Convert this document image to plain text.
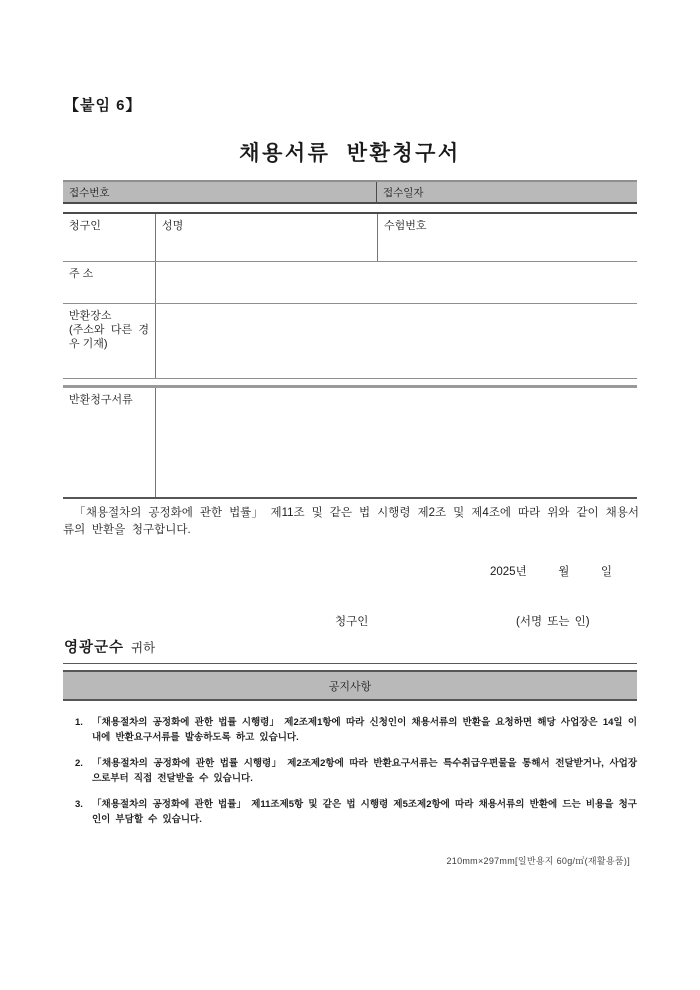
【붙임 6】
채용서류 반환청구서
접수번호	접수일자
청구인	성명	수험번호
주 소
반환장소
(주소와 다른 경우 기재)
반환청구서류
「채용절차의 공정화에 관한 법률」 제11조 및 같은 법 시행령 제2조 및 제4조에 따라 위와 같이 채용서류의 반환을 청구합니다.
2025년	월	일
청구인	(서명 또는 인)
영광군수 귀하
공지사항
1. 「채용절차의 공정화에 관한 법률 시행령」 제2조제1항에 따라 신청인이 채용서류의 반환을 요청하면 해당 사업장은 14일 이내에 반환요구서류를 발송하도록 하고 있습니다.
2. 「채용절차의 공정화에 관한 법률 시행령」 제2조제2항에 따라 반환요구서류는 특수취급우편물을 통해서 전달받거나, 사업장으로부터 직접 전달받을 수 있습니다.
3. 「채용절차의 공정화에 관한 법률」 제11조제5항 및 같은 법 시행령 제5조제2항에 따라 채용서류의 반환에 드는 비용을 청구인이 부담할 수 있습니다.
210mm×297mm[일반용지 60g/㎡(재활용품)]
